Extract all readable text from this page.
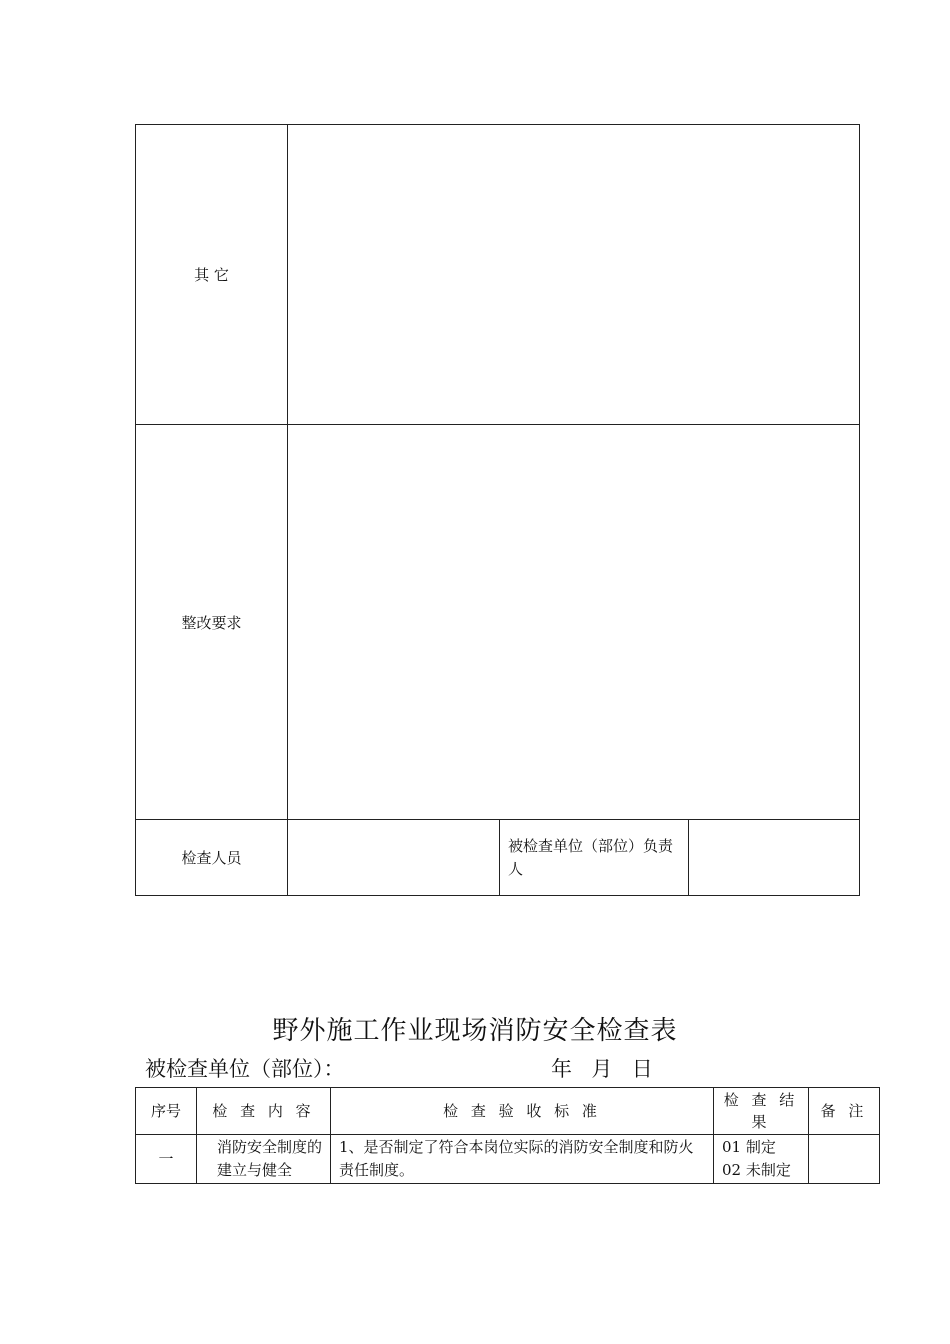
其 它			
整改要求			
检查人员		被检查单位（部位）负责人	
野外施工作业现场消防安全检查表
被检查单位（部位）：	年  月  日
序号	检 查 内 容	检 查 验 收 标 准	检 查 结 果	备 注
一	消防安全制度的建立与健全	1、是否制定了符合本岗位实际的消防安全制度和防火责任制度。	01 制定
02 未制定	
